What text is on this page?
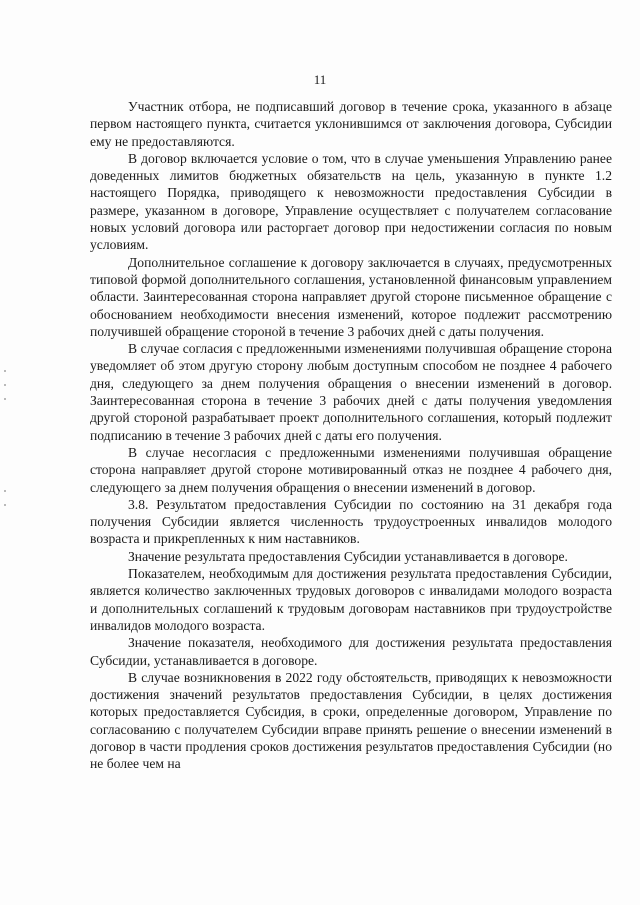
11

Участник отбора, не подписавший договор в течение срока, указанного в абзаце первом настоящего пункта, считается уклонившимся от заключения договора, Субсидии ему не предоставляются.

В договор включается условие о том, что в случае уменьшения Управлению ранее доведенных лимитов бюджетных обязательств на цель, указанную в пункте 1.2 настоящего Порядка, приводящего к невозможности предоставления Субсидии в размере, указанном в договоре, Управление осуществляет с получателем согласование новых условий договора или расторгает договор при недостижении согласия по новым условиям.

Дополнительное соглашение к договору заключается в случаях, предусмотренных типовой формой дополнительного соглашения, установленной финансовым управлением области. Заинтересованная сторона направляет другой стороне письменное обращение с обоснованием необходимости внесения изменений, которое подлежит рассмотрению получившей обращение стороной в течение 3 рабочих дней с даты получения.

В случае согласия с предложенными изменениями получившая обращение сторона уведомляет об этом другую сторону любым доступным способом не позднее 4 рабочего дня, следующего за днем получения обращения о внесении изменений в договор. Заинтересованная сторона в течение 3 рабочих дней с даты получения уведомления другой стороной разрабатывает проект дополнительного соглашения, который подлежит подписанию в течение 3 рабочих дней с даты его получения.

В случае несогласия с предложенными изменениями получившая обращение сторона направляет другой стороне мотивированный отказ не позднее 4 рабочего дня, следующего за днем получения обращения о внесении изменений в договор.

3.8. Результатом предоставления Субсидии по состоянию на 31 декабря года получения Субсидии является численность трудоустроенных инвалидов молодого возраста и прикрепленных к ним наставников.

Значение результата предоставления Субсидии устанавливается в договоре.

Показателем, необходимым для достижения результата предоставления Субсидии, является количество заключенных трудовых договоров с инвалидами молодого возраста и дополнительных соглашений к трудовым договорам наставников при трудоустройстве инвалидов молодого возраста.

Значение показателя, необходимого для достижения результата предоставления Субсидии, устанавливается в договоре.

В случае возникновения в 2022 году обстоятельств, приводящих к невозможности достижения значений результатов предоставления Субсидии, в целях достижения которых предоставляется Субсидия, в сроки, определенные договором, Управление по согласованию с получателем Субсидии вправе принять решение о внесении изменений в договор в части продления сроков достижения результатов предоставления Субсидии (но не более чем на
